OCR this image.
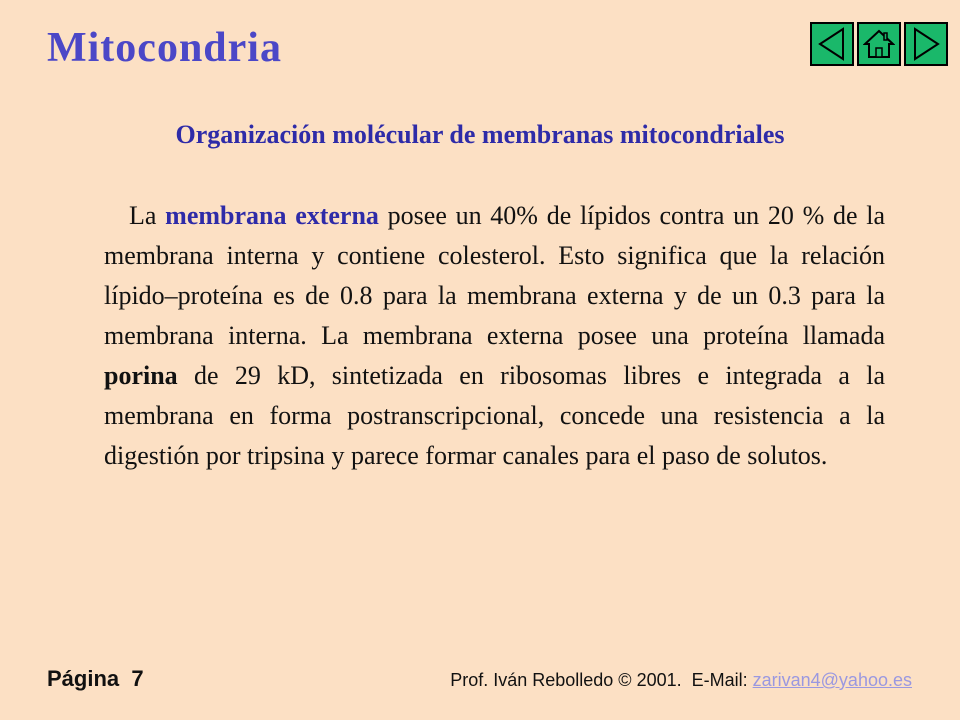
Mitocondria
Organización molécular de membranas mitocondriales

La membrana externa posee un 40% de lípidos contra un 20 % de la membrana interna y contiene colesterol. Esto significa que la relación lípido–proteína es de 0.8 para la membrana externa y de un 0.3 para la membrana interna. La membrana externa posee una proteína llamada porina de 29 kD, sintetizada en ribosomas libres e integrada a la membrana en forma postranscripcional, concede una resistencia a la digestión por tripsina y parece formar canales para el paso de solutos.

Página  7	Prof. Iván Rebolledo © 2001.  E-Mail: zarivan4@yahoo.es
